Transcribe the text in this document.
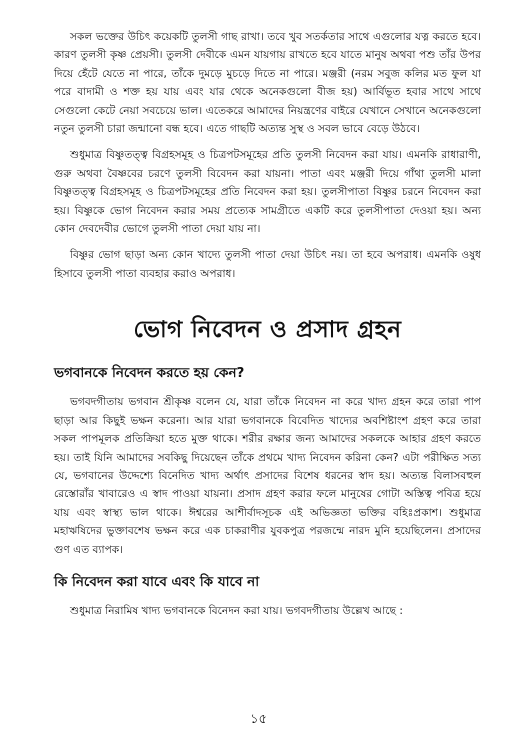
সকল ভক্তের উচিৎ কয়েকটি তুলসী গাছ রাখা। তবে খুব সতর্কতার সাথে এগুলোর যত্ন করতে হবে। কারণ তুলসী কৃষ্ণ প্রেয়সী। তুলসী দেবীকে এমন যায়গায় রাখতে হবে যাতে মানুষ অথবা পশু তাঁর উপর দিয়ে হেঁটে যেতে না পারে, তাঁকে দুমড়ে মুচড়ে দিতে না পারে। মঞ্জরী (নরম সবুজ কলির মত ফুল যা পরে বাদামী ও শক্ত হয় যায় এবং যার থেকে অনেকগুলো বীজ হয়) আর্বিভূত হবার সাথে সাথে সেগুলো কেটে নেয়া সবচেয়ে ভাল। এতেকরে আমাদের নিয়ন্ত্রণের বাইরে যেখানে সেখানে অনেকগুলো নতুন তুলসী চারা জন্মানো বন্ধ হবে। এতে গাছটি অত্যন্ত সুস্থ ও সবল ভাবে বেড়ে উঠবে।

শুধুমাত্র বিষ্ণুতত্ত্ব বিগ্রহসমূহ ও চিত্রপটসমূহের প্রতি তুলসী নিবেদন করা যায়। এমনকি রাধারাণী, গুরু অথবা বৈষ্ণবের চরণে তুলসী বিবেদন করা যায়না। পাতা এবং মঞ্জরী দিয়ে গাঁথা তুলসী মালা বিষ্ণুতত্ত্ব বিগ্রহসমূহ ও চিত্রপটসমূহের প্রতি নিবেদন করা হয়। তুলসীপাতা বিষ্ণুর চরনে নিবেদন করা হয়। বিষ্ণুকে ভোগ নিবেদন করার সময় প্রত্যেক সামগ্রীতে একটি করে তুলসীপাতা দেওয়া হয়। অন্য কোন দেবদেবীর ভোগে তুলসী পাতা দেয়া যায় না।

বিষ্ণুর ভোগ ছাড়া অন্য কোন খাদ্যে তুলসী পাতা দেয়া উচিৎ নয়। তা হবে অপরাধ। এমনকি ওষুধ হিসাবে তুলসী পাতা ব্যবহার করাও অপরাধ।

ভোগ নিবেদন ও প্রসাদ গ্রহন
ভগবানকে নিবেদন করতে হয় কেন?

ভগবদগীতায় ভগবান শ্রীকৃষ্ণ বলেন যে, যারা তাঁকে নিবেদন না করে খাদ্য গ্রহন করে তারা পাপ ছাড়া আর কিছুই ভক্ষন করেনা। আর যারা ভগবানকে বিবেদিত খাদ্যের অবশিষ্টাংশ গ্রহণ করে তারা সকল পাপমূলক প্রতিক্রিয়া হতে মুক্ত থাকে। শরীর রক্ষার জন্য আমাদের সকলকে আহার গ্রহণ করতে হয়। তাই যিনি আমাদের সবকিছু দিয়েছেন তাঁকে প্রথমে খাদ্য নিবেদন করিনা কেন? এটা পরীক্ষিত সত্য যে, ভগবানের উদ্দেশ্যে বিনেদিত খাদ্য অর্থাৎ প্রসাদের বিশেষ ধরনের স্বাদ হয়। অত্যন্ত বিলাসবহুল রেস্তোরাঁর খাবারেও এ স্বাদ পাওয়া যায়না। প্রসাদ গ্রহণ করার ফলে মানুষের গোটা অস্তিত্ব পবিত্র হয়ে যায় এবং স্বাস্থ্য ভাল থাকে। ঈশ্বরের আশীর্বাদসূচক এই অভিজ্ঞতা ভক্তির বহিঃপ্রকাশ। শুধুমাত্র মহাঋষিদের ভুক্তাবশেষ ভক্ষন করে এক চাকরাণীর যুবকপুত্র পরজন্মে নারদ মুনি হয়েছিলেন। প্রসাদের গুণ এত ব্যাপক।

কি নিবেদন করা যাবে এবং কি যাবে না

শুধুমাত্র নিরামিষ খাদ্য ভগবানকে বিনেদন করা যায়। ভগবদগীতায় উল্লেখ আছে :

১৫
